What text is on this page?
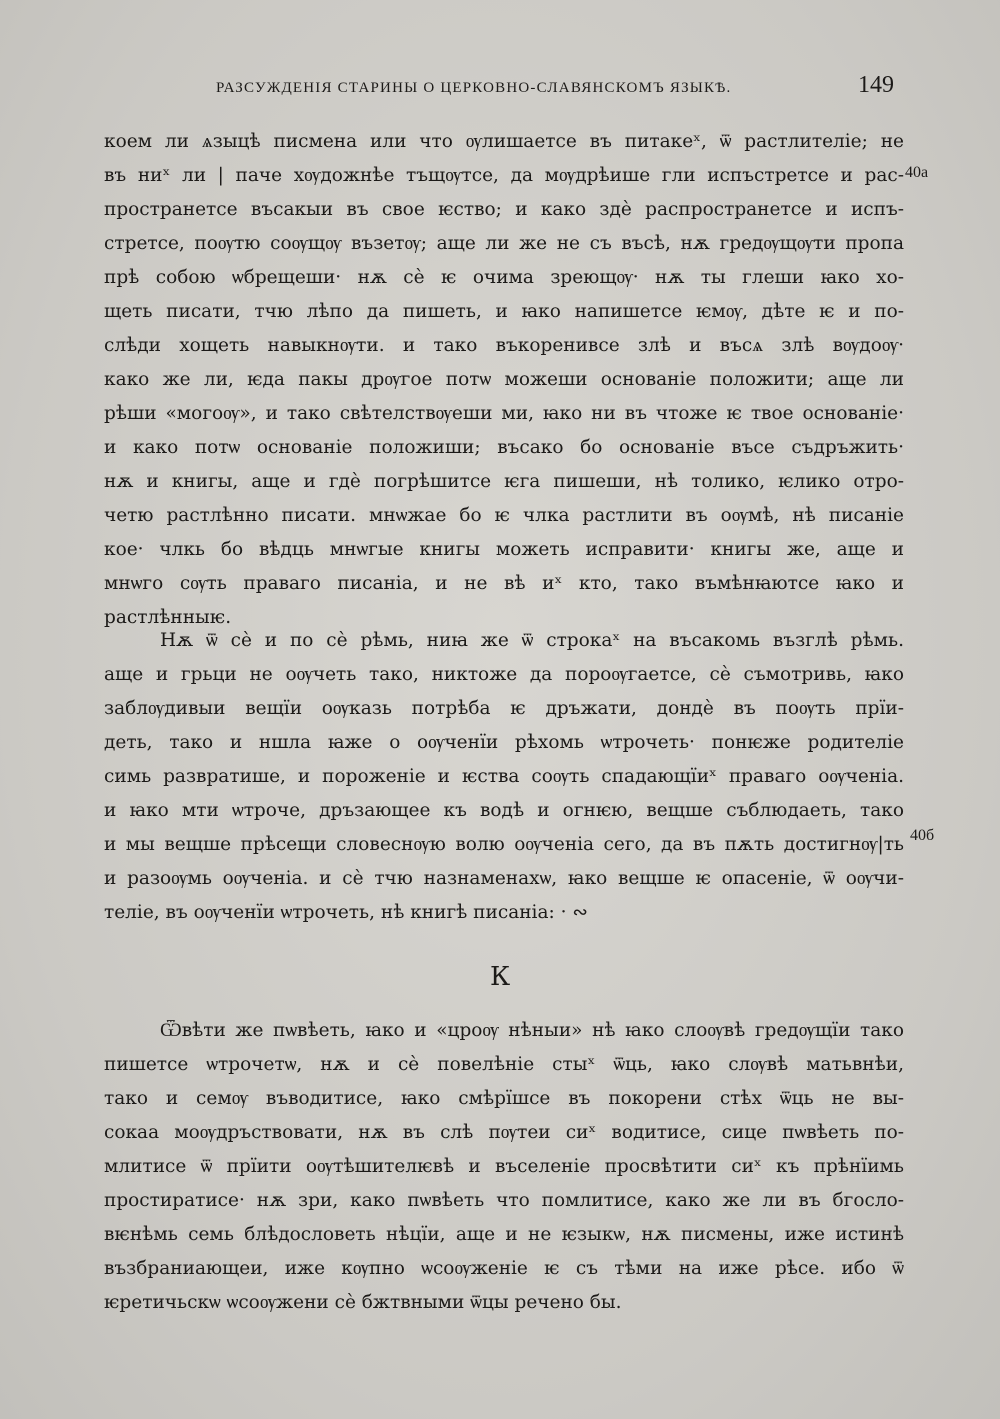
РАЗСУЖДЕНІЯ СТАРИНЫ О ЦЕРКОВНО-СЛАВЯНСКОМЪ ЯЗЫКѢ.	149
40а
40б
коем ли ѧзыцѣ писмена или что ѹлишаетсе въ питакеˣ, ѿ растлителіе; не
въ ниˣ ли | паче хѹдожнѣе тъщѹтсе, да мѹдрѣише гли испъстретсе и рас-
пространетсе въсакыи въ свое ѥство; и како здѐ распространетсе и испъ-
стретсе, поѹтю соѹщѹ възетѹ; аще ли же не съ въсѣ, нѫ гредѹщѹти пропа
прѣ собою ѡбрещеши· нѫ сѐ ѥ очима зреющѹ· нѫ ты глеши ꙗко хо-
щеть писати, тчю лѣпо да пишеть, и ꙗко напишетсе ѥмѹ, дѣте ѥ и по-
слѣди хощеть навыкнѹти. и тако въкоренивсе злѣ и въсѧ злѣ вѹдоѹ·
како же ли, ѥда пакы дрѹгое потѡ можеши основаніе положити; аще ли
рѣши «могоѹ», и тако свѣтелствѹеши ми, ꙗко ни въ чтоже ѥ твое основаніе·
и како потѡ основаніе положиши; въсако бо основаніе въсе съдръжить·
нѫ и книгы, аще и гдѐ погрѣшитсе ѥга пишеши, нѣ толико, ѥлико отро-
четю растлѣнно писати. мнѡжае бо ѥ члка растлити въ оѹмѣ, нѣ писаніе
кое· члкь бо вѣдць мнѡгые книгы можеть исправити· книгы же, аще и
мнѡго сѹть праваго писаніа, и не вѣ иˣ кто, тако въмѣнꙗютсе ꙗко и
растлѣнныѥ.
Нѫ ѿ сѐ и по сѐ рѣмь, ниꙗ же ѿ строкаˣ на въсакомь възглѣ рѣмь.
аще и грьци не оѹчеть тако, никтоже да пороѹгаетсе, сѐ съмотривь, ꙗко
заблѹдивыи вещїи оѹказь потрѣба ѥ дръжати, дондѐ въ поѹть прїи-
деть, тако и ншла ꙗже о оѹченїи рѣхомь ѡтрочеть· понѥже родителіе
симь развратише, и пороженіе и ѥства соѹть спадающїиˣ праваго оѹченіа.
и ꙗко мти ѡтроче, дръзающее къ водѣ и огнѥю, вещше съблюдаеть, тако
и мы вещше прѣсещи словеснѹю волю оѹченіа сего, да въ пѫть достигнѹ|ть
и разоѹмь оѹченіа. и сѐ тчю назнаменахѡ, ꙗко вещше ѥ опасеніе, ѿ оѹчи-
теліе, въ оѹченїи ѡтрочеть, нѣ книгѣ писаніа: · ∾
К
Ѿвѣти же пѡвѣеть, ꙗко и «цроѹ нѣныи» нѣ ꙗко слоѹвѣ гредѹщїи тако
пишетсе ѡтрочетѡ, нѫ и сѐ повелѣніе стыˣ ѿць, ꙗко слѹвѣ матьвнѣи,
тако и семѹ въводитисе, ꙗко смѣрїшсе въ покорени стѣх ѿць не вы-
сокаа моѹдръствовати, нѫ въ слѣ пѹтеи сиˣ водитисе, сице пѡвѣеть по-
млитисе ѿ прїити оѹтѣшителѥвѣ и въселеніе просвѣтити сиˣ къ прѣнїимь
простиратисе· нѫ зри, како пѡвѣеть что помлитисе, како же ли въ бгосло-
вѥнѣмь семь блѣдословеть нѣцїи, аще и не ѥзыкѡ, нѫ писмены, иже истинѣ
възбраниающеи, иже кѹпно ѡсоѹженіе ѥ съ тѣми на иже рѣсе. ибо ѿ
ѥретичьскѡ ѡсоѹжени сѐ бжтвными ѿцы речено бы.
